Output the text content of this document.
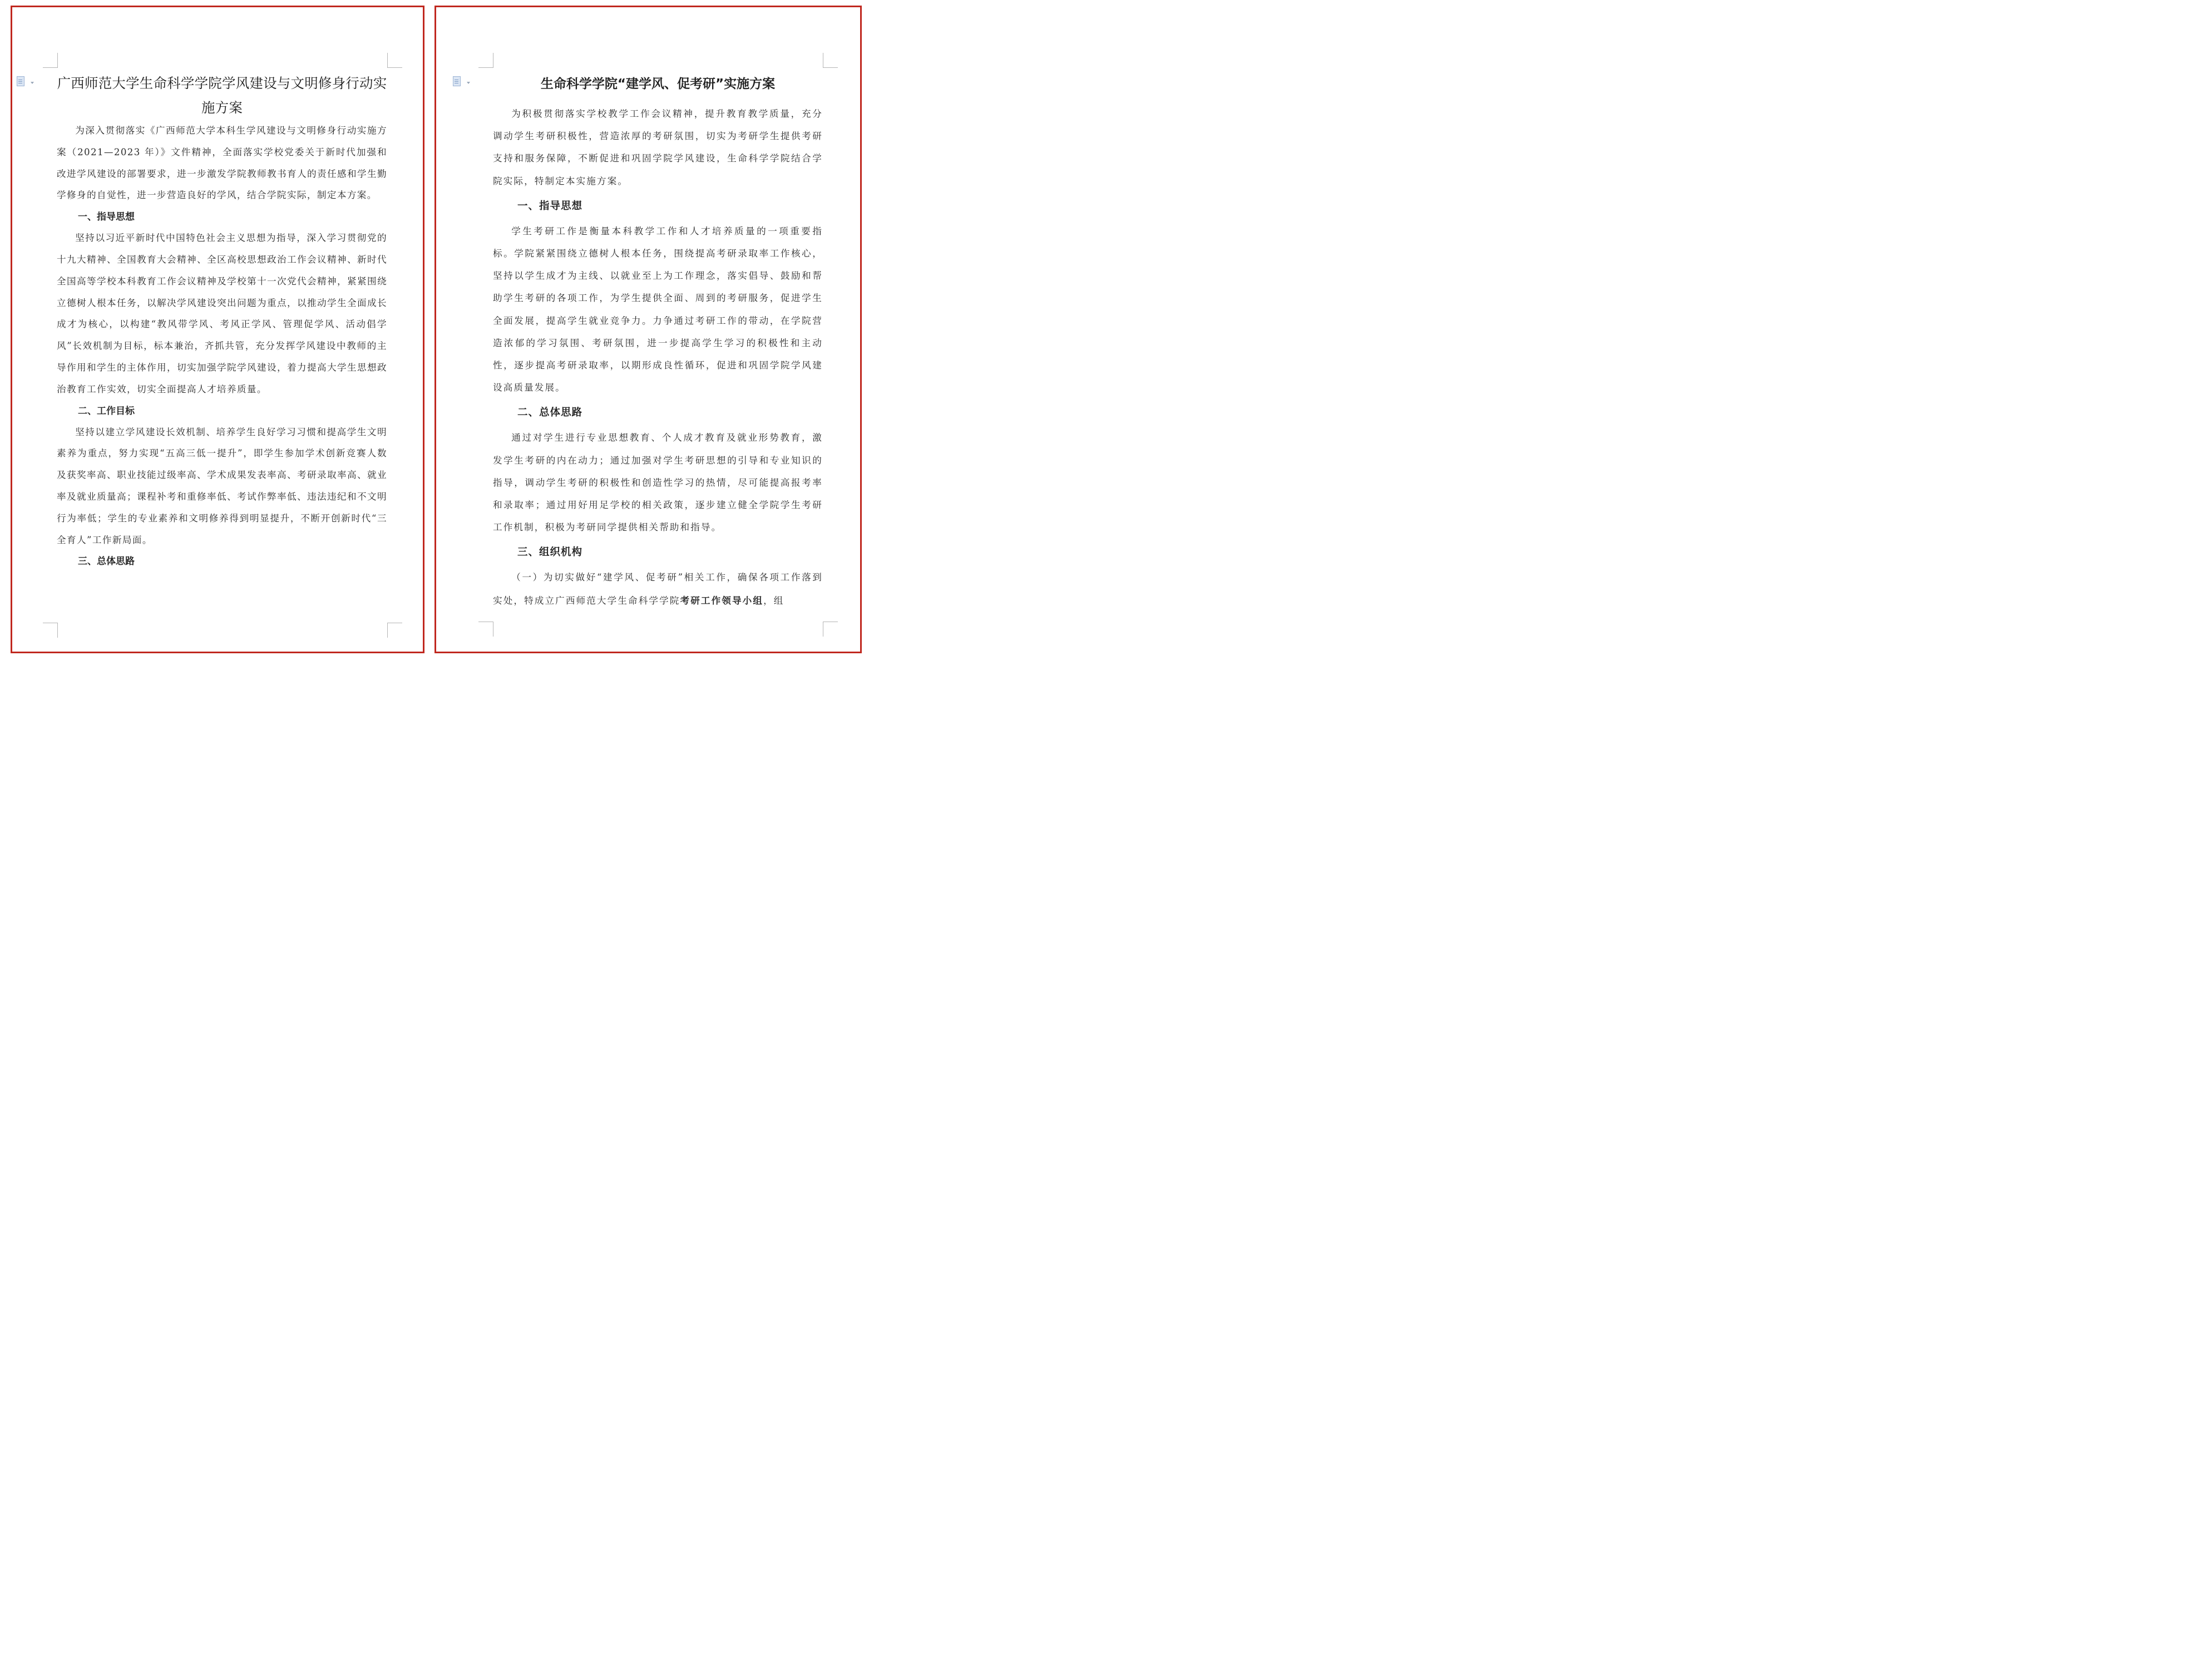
广西师范大学生命科学学院学风建设与文明修身行动实施方案

为深入贯彻落实《广西师范大学本科生学风建设与文明修身行动实施方案（2021—2023 年）》文件精神，全面落实学校党委关于新时代加强和改进学风建设的部署要求，进一步激发学院教师教书育人的责任感和学生勤学修身的自觉性，进一步营造良好的学风，结合学院实际，制定本方案。

一、指导思想

坚持以习近平新时代中国特色社会主义思想为指导，深入学习贯彻党的十九大精神、全国教育大会精神、全区高校思想政治工作会议精神、新时代全国高等学校本科教育工作会议精神及学校第十一次党代会精神，紧紧围绕立德树人根本任务，以解决学风建设突出问题为重点，以推动学生全面成长成才为核心，以构建“教风带学风、考风正学风、管理促学风、活动倡学风”长效机制为目标，标本兼治，齐抓共管，充分发挥学风建设中教师的主导作用和学生的主体作用，切实加强学院学风建设，着力提高大学生思想政治教育工作实效，切实全面提高人才培养质量。

二、工作目标

坚持以建立学风建设长效机制、培养学生良好学习习惯和提高学生文明素养为重点，努力实现“五高三低一提升”，即学生参加学术创新竞赛人数及获奖率高、职业技能过级率高、学术成果发表率高、考研录取率高、就业率及就业质量高；课程补考和重修率低、考试作弊率低、违法违纪和不文明行为率低；学生的专业素养和文明修养得到明显提升，不断开创新时代“三全育人”工作新局面。

三、总体思路
生命科学学院“建学风、促考研”实施方案

为积极贯彻落实学校教学工作会议精神，提升教育教学质量，充分调动学生考研积极性，营造浓厚的考研氛围，切实为考研学生提供考研支持和服务保障，不断促进和巩固学院学风建设，生命科学学院结合学院实际，特制定本实施方案。

一、指导思想

学生考研工作是衡量本科教学工作和人才培养质量的一项重要指标。学院紧紧围绕立德树人根本任务，围绕提高考研录取率工作核心，坚持以学生成才为主线、以就业至上为工作理念，落实倡导、鼓励和帮助学生考研的各项工作，为学生提供全面、周到的考研服务，促进学生全面发展，提高学生就业竞争力。力争通过考研工作的带动，在学院营造浓郁的学习氛围、考研氛围，进一步提高学生学习的积极性和主动性，逐步提高考研录取率，以期形成良性循环，促进和巩固学院学风建设高质量发展。

二、总体思路

通过对学生进行专业思想教育、个人成才教育及就业形势教育，激发学生考研的内在动力；通过加强对学生考研思想的引导和专业知识的指导，调动学生考研的积极性和创造性学习的热情，尽可能提高报考率和录取率；通过用好用足学校的相关政策，逐步建立健全学院学生考研工作机制，积极为考研同学提供相关帮助和指导。

三、组织机构

（一）为切实做好“建学风、促考研”相关工作，确保各项工作落到实处，特成立广西师范大学生命科学学院考研工作领导小组，组
